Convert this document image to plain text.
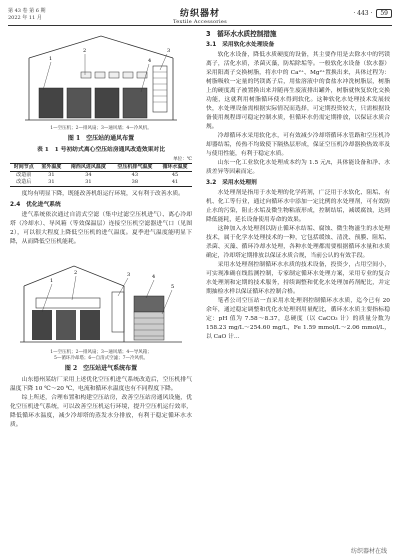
第 43 卷 第 6 期
2022 年 11 月	纺织器材
Textile Accessories
· 443 · 59
1
2	3
4
1—空压机；2—排风扇；3—通风墙；4—冷风机。
图 1　空压站的通风布置
表 1　1 号初纺式离心空压站房通风改造效果对比
单位：℃
时间节点	室外温度	南西风进风温度	空压机排气温度	循环水温度
改造前	31	34	43	45
改造后	31	31	38	41

度均有明显下降，既能改善机组运行环境，又有利于改善水质。

2.4　优化进气系统

进气系统依次通过自清式空滤（集中过滤空压机进气）、离心冷却塔（冷却水）、导风箱（等效保温层）连接空压机空滤器进气口（见图 2），可以很大程度上降低空压机的进气温度。夏季进气温度能明显下降，从而降低空压机能耗。

1
2	3	4
5
1—空压机；2—排风扇；3—通风墙；4—导风箱；
5—循环冷却塔；6—自清式空滤；7—冷风机。
图 2　空压站进气系统布置

山东德州某纺厂采用上述优化空压机进气系统改造后，空压机排气温度下降 10 ℃～20 ℃，电流和循环水温度也有不同程度下降。

综上所述，合理布置和构建空压站房，改善空压站房通风设施，优化空压机进气系统，可以改善空压机运行环境，提升空压机运行效率，降低循环水温度，减少冷却塔的蒸发水分排放，有利于稳定循环水水质。

3　循环水水质控制措施
3.1　采用软化水处理设备

软化水设备，降低水质硬度的设备，其主要作用是去除水中的钙镁离子，活化水质，杀菌灭藻，防垢除垢等。一般软化水设备（软水器）采用阳离子交换树脂，将水中的 Ca²⁺、Mg²⁺置换出来，具体过程为：树脂吸收一定量的钙镁离子后，用盐溶液中的食盐水冲洗树脂层，树脂上的硬度离子被置换出来并随再生废液排出罐外，树脂就恢复软化交换功能，这就利用树脂循环使水得到软化。这种软化水处理技术发展较快，水处理设备需根据实际情况而选择，可定期投资较大，只需根据设备使用规程即可稳定控制水质，但循环水仍需定期排放，以保证水质合规。

冷却循环水采用软化水，可有效减少冷却塔循环水管路和空压机冷却器结垢，传热不均致使下隔热层形成，保证空压机冷却器换热效率及与使用性能，有利于稳定水质。

山东一化工业软化水处理成本约为 1.5 元/t，具体能设备和净、水质差异等因素而定。

3.2　采用水处理剂

水处理剂是指用于水处理的化学药剂，广泛用于水软化、阻垢、有机、化工等行业，通过向循环水中添加一定比例的水处理剂，可有效防止水的污染，阻止水垢及微生物粘液形成，控制结垢，减缓腐蚀，达到降低能耗，延长设备使用寿命的效果。

这种加入水处理剂以防止循环水结垢、腐蚀、微生物滋生的水处理技术，属于化学水处理技术的一种，它包括缓蚀、清洗、预膜、阻垢、杀菌、灭藻、循环冷却水处理，各种水处理都需要根据循环水量和水质确定，冷却塔定期排放以保证水质合规，当前公认的有效手段。

采用水处理剂控制循环水水质的技术设备，投资少，占用空间小，可实现准确在线监测控制，专家制定循环水处理方案，采用专业的复合水处理剂和定期的技术服务，持续调整和优化水处理加药剂配比，并定期抽检水样以保证循环水控制合格。

笔者公司空压站一直采用水处理剂控制循环水水质，迄今已有 20 余年，通过稳定调整和优化水处理剂用量配比，循环水水质主要指标稳定：pH 值为 7.58～8.37，总硬度（以 CaCO₃ 计）的质量分数为 158.23 mg/L～254.60 mg/L，Fe 1.59 mmol/L～2.06 mmol/L，以 CaO 计…

纺织器材在线
